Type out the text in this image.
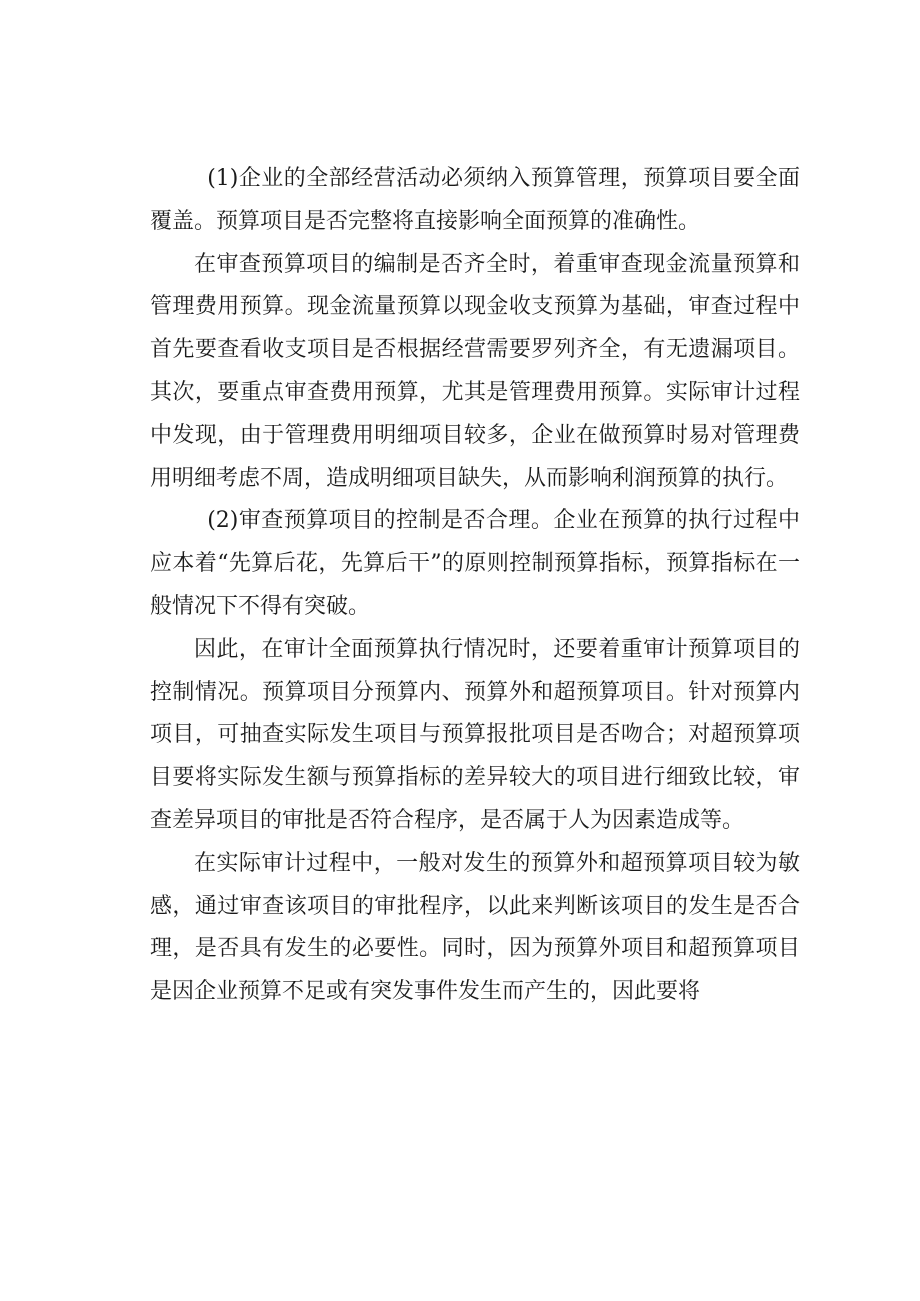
(1)企业的全部经营活动必须纳入预算管理，预算项目要全面覆盖。预算项目是否完整将直接影响全面预算的准确性。

在审查预算项目的编制是否齐全时，着重审查现金流量预算和管理费用预算。现金流量预算以现金收支预算为基础，审查过程中首先要查看收支项目是否根据经营需要罗列齐全，有无遗漏项目。其次，要重点审查费用预算，尤其是管理费用预算。实际审计过程中发现，由于管理费用明细项目较多，企业在做预算时易对管理费用明细考虑不周，造成明细项目缺失，从而影响利润预算的执行。

(2)审查预算项目的控制是否合理。企业在预算的执行过程中应本着“先算后花，先算后干”的原则控制预算指标，预算指标在一般情况下不得有突破。

因此，在审计全面预算执行情况时，还要着重审计预算项目的控制情况。预算项目分预算内、预算外和超预算项目。针对预算内项目，可抽查实际发生项目与预算报批项目是否吻合；对超预算项目要将实际发生额与预算指标的差异较大的项目进行细致比较，审查差异项目的审批是否符合程序，是否属于人为因素造成等。

在实际审计过程中，一般对发生的预算外和超预算项目较为敏感，通过审查该项目的审批程序，以此来判断该项目的发生是否合理，是否具有发生的必要性。同时，因为预算外项目和超预算项目是因企业预算不足或有突发事件发生而产生的，因此要将
